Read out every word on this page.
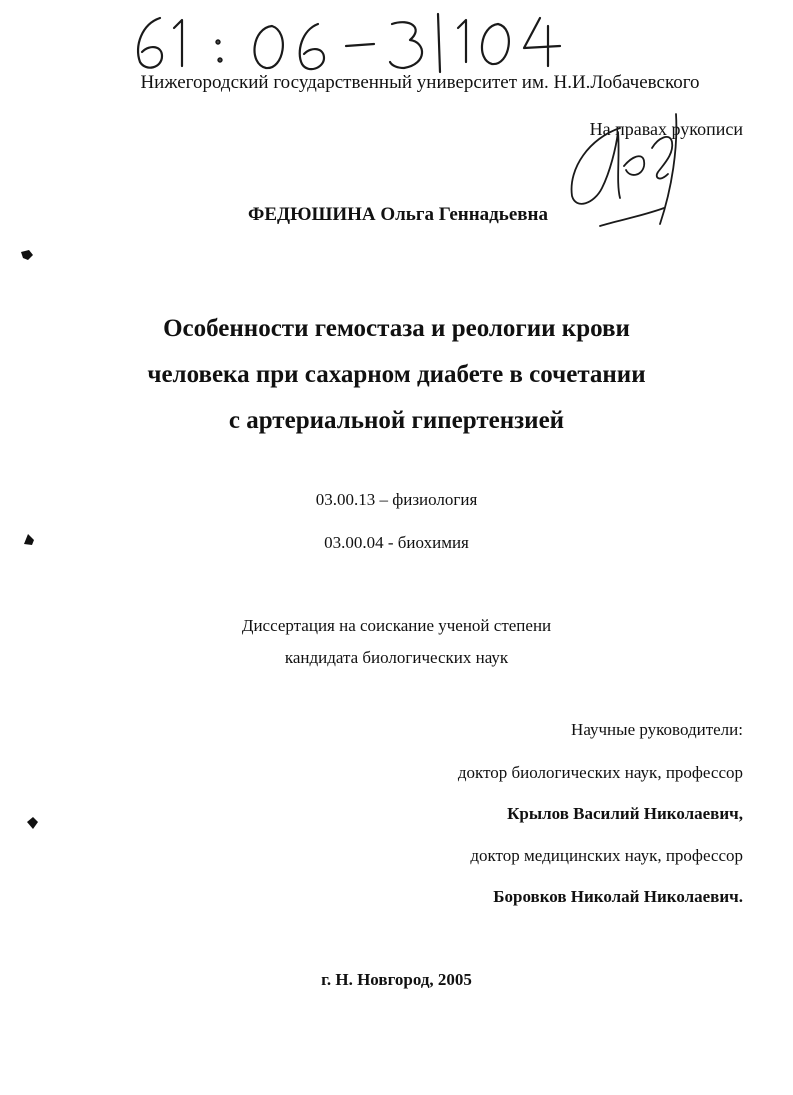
Нижегородский государственный университет им. Н.И.Лобачевского
На правах рукописи
ФЕДЮШИНА Ольга Геннадьевна
Особенности гемостаза и реологии крови
человека при сахарном диабете в сочетании
с артериальной гипертензией
03.00.13 – физиология
03.00.04 - биохимия
Диссертация на соискание ученой степени
кандидата биологических наук
Научные руководители:
доктор биологических наук, профессор
Крылов Василий Николаевич,
доктор медицинских наук, профессор
Боровков Николай Николаевич.
г. Н. Новгород, 2005
